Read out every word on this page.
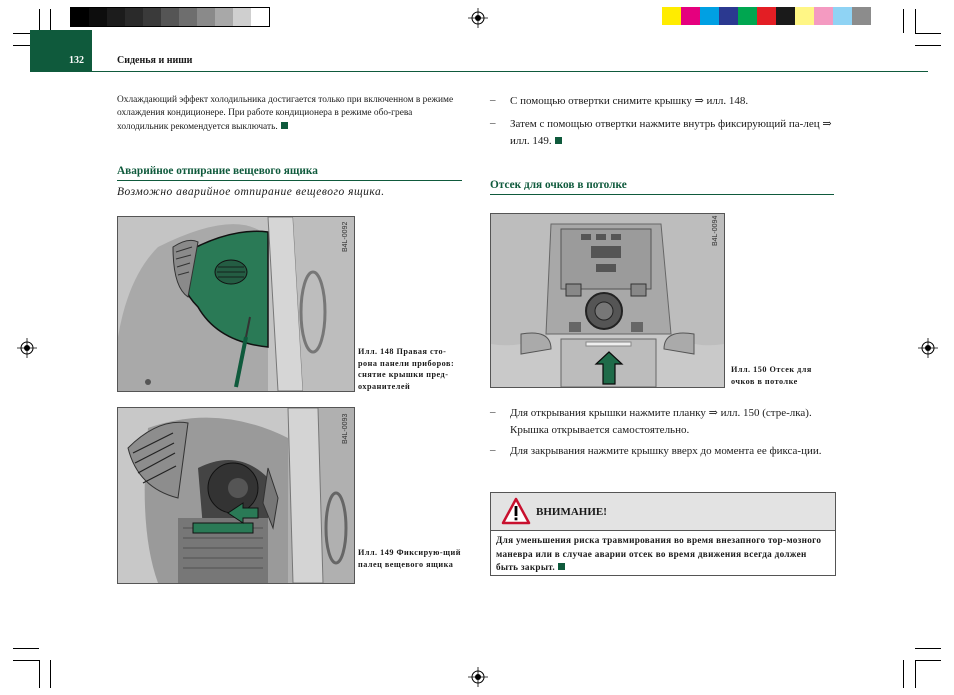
132	Сиденья и ниши
Охлаждающий эффект холодильника достигается только при включенном в режиме охлаждения кондиционере. При работе кондиционера в режиме обо-грева холодильник рекомендуется выключать.
Аварийное отпирание вещевого ящика
Возможно аварийное отпирание вещевого ящика.
B4L-0092
Илл. 148 Правая сто-рона панели приборов: снятие крышки пред-охранителей
B4L-0093
Илл. 149 Фиксирую-щий палец вещевого ящика
– С помощью отвертки снимите крышку ⇒ илл. 148.
– Затем с помощью отвертки нажмите внутрь фиксирующий па-лец ⇒ илл. 149.
Отсек для очков в потолке
B4L-0094
Илл. 150 Отсек для очков в потолке
– Для открывания крышки нажмите планку ⇒ илл. 150 (стре-лка). Крышка открывается самостоятельно.
– Для закрывания нажмите крышку вверх до момента ее фикса-ции.
ВНИМАНИЕ!
Для уменьшения риска травмирования во время внезапного тор-мозного маневра или в случае аварии отсек во время движения всегда должен быть закрыт.
